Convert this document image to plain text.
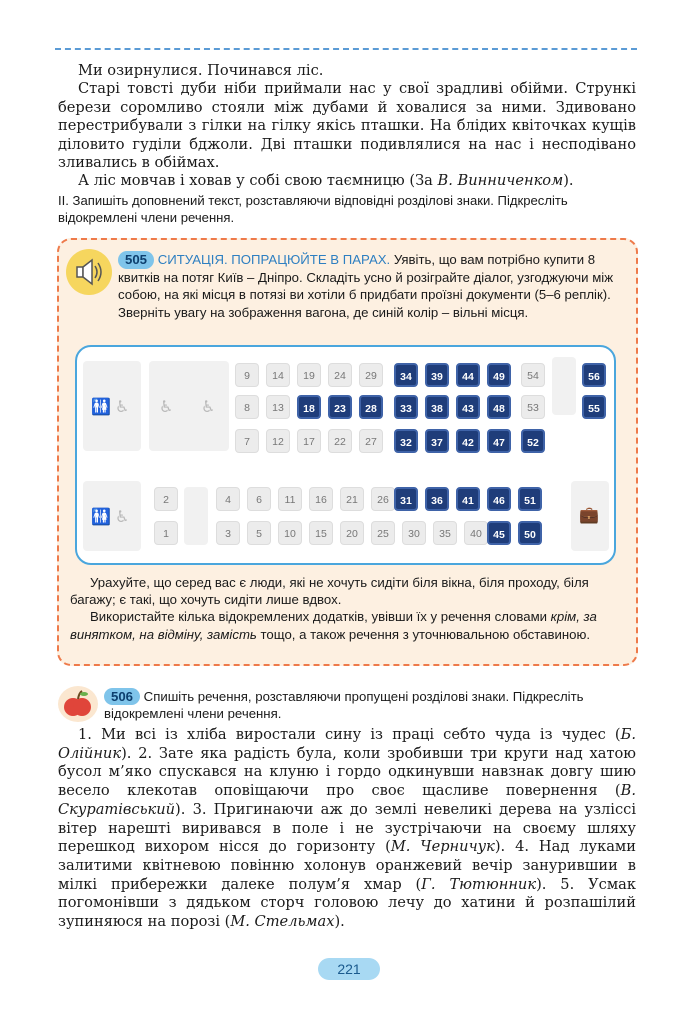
Ми озирнулися. Починався ліс.

Старі товсті дуби ніби приймали нас у свої зрадливі обійми. Стрункі берези соромливо стояли між дубами й ховалися за ними. Здивовано перестрибували з гілки на гілку якісь пташки. На блідих квіточках кущів діловито гуділи бджоли. Дві пташки подивлялися на нас і несподівано зливались в обіймах.

А ліс мовчав і ховав у собі свою таємницю (За В. Винниченком).

II. Запишіть доповнений текст, розставляючи відповідні розділові знаки. Підкресліть відокремлені члени речення.
505 СИТУАЦІЯ. ПОПРАЦЮЙТЕ В ПАРАХ. Уявіть, що вам потрібно купити 8 квитків на потяг Київ – Дніпро. Складіть усно й розіграйте діалог, узгоджуючи між собою, на які місця в потязі ви хотіли б придбати проїзні документи (5–6 реплік). Зверніть увагу на зображення вагона, де синій колір – вільні місця.
🚻 ♿ ♿ ♿
🚻 ♿	💼
9	14	19	24	29	34	39	44	49	54	56
8	13	18	23	28	33	38	43	48	53	55
7	12	17	22	27	32	37	42	47	52
2	4	6	11	16	21	26	31	36	41	46	51
1	3	5	10	15	20	25	30	35	40	45	50

Урахуйте, що серед вас є люди, які не хочуть сидіти біля вікна, біля проходу, біля багажу; є такі, що хочуть сидіти лише вдвох.

Використайте кілька відокремлених додатків, увівши їх у речення словами крім, за винятком, на відміну, замість тощо, а також речення з уточнювальною обставиною.

506 Спишіть речення, розставляючи пропущені розділові знаки. Підкресліть відокремлені члени речення.

1. Ми всі із хліба виростали сину із праці себто чуда із чудес (Б. Олійник). 2. Зате яка радість була, коли зробивши три круги над хатою бусол м’яко спускався на клуню і гордо одкинувши навзнак довгу шию весело клекотав оповіщаючи про своє щасливе повернення (В. Скуратівський). 3. Пригинаючи аж до землі невеликі дерева на узліссі вітер нарешті виривався в поле і не зустрічаючи на своєму шляху перешкод вихором нісся до горизонту (М. Черничук). 4. Над луками залитими квітневою повінню холонув оранжевий вечір занурившии в мілкі прибережки далеке полум’я хмар (Г. Тютюнник). 5. Усмак погомонівши з дядьком сторч головою лечу до хатини й розпашілий зупиняюся на порозі (М. Стельмах).

221
